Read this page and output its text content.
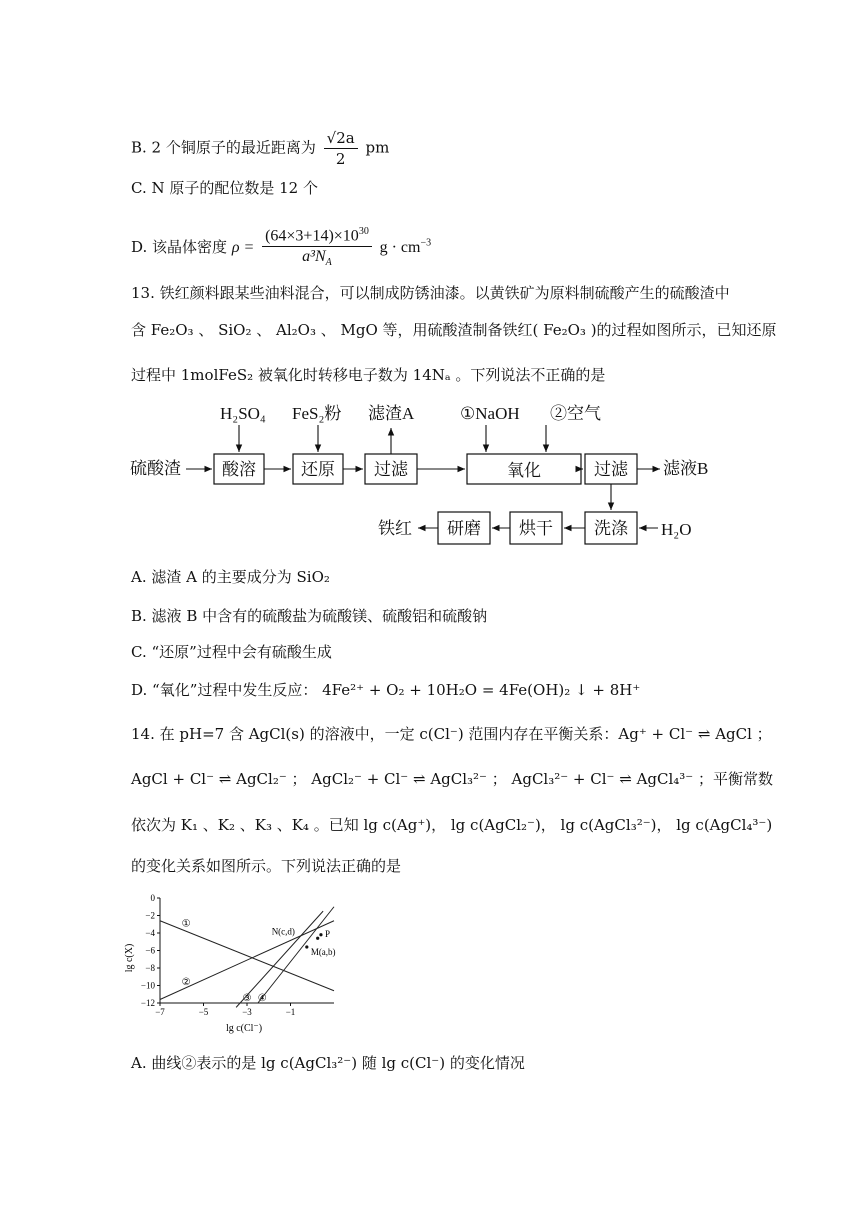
B. 2 个铜原子的最近距离为 $\frac{√2a}{2}$ pm
C. N 原子的配位数是 12 个
D. 该晶体密度 $\rho = \frac{(64\times 3+14)\times 10^{30}}{a^3N_A}$ $g \cdot cm^{-3}$
13. 铁红颜料跟某些油料混合，可以制成防锈油漆。以黄铁矿为原料制硫酸产生的硫酸渣中
含 Fe₂O₃ 、 SiO₂ 、 Al₂O₃ 、 MgO 等，用硫酸渣制备铁红( Fe₂O₃ )的过程如图所示，已知还原
过程中 1molFeS₂ 被氧化时转移电子数为 14Nₐ 。下列说法不正确的是
硫酸渣
H₂SO₄ FeS₂粉 滤渣A	①NaOH ②空气
滤液B
H₂O
铁红
酸溶	还原 过滤	氧化	过滤
洗涤
烘干
研磨
A. 滤渣 A 的主要成分为 SiO₂
B. 滤液 B 中含有的硫酸盐为硫酸镁、硫酸铝和硫酸钠
C. “还原”过程中会有硫酸生成
D. “氧化”过程中发生反应： 4Fe²⁺ + O₂ + 10H₂O = 4Fe(OH)₂ ↓ + 8H⁺
14. 在 pH=7 含 AgCl(s) 的溶液中，一定 c(Cl⁻) 范围内存在平衡关系：Ag⁺ + Cl⁻ ⇌ AgCl ；
AgCl + Cl⁻ ⇌ AgCl₂⁻ ； AgCl₂⁻ + Cl⁻ ⇌ AgCl₃²⁻ ； AgCl₃²⁻ + Cl⁻ ⇌ AgCl₄³⁻ ；平衡常数
依次为 K₁ 、K₂ 、K₃ 、K₄ 。已知 lg c(Ag⁺)， lg c(AgCl₂⁻)， lg c(AgCl₃²⁻)， lg c(AgCl₄³⁻)
的变化关系如图所示。下列说法正确的是
0
−2
−4
−6
−8
−10
−12
−7	−5	−3	−1
①
②
③ ④
N(c,d)	P
M(a,b)
lg c(X)
lg c(Cl⁻)
A. 曲线②表示的是 lg c(AgCl₃²⁻) 随 lg c(Cl⁻) 的变化情况
